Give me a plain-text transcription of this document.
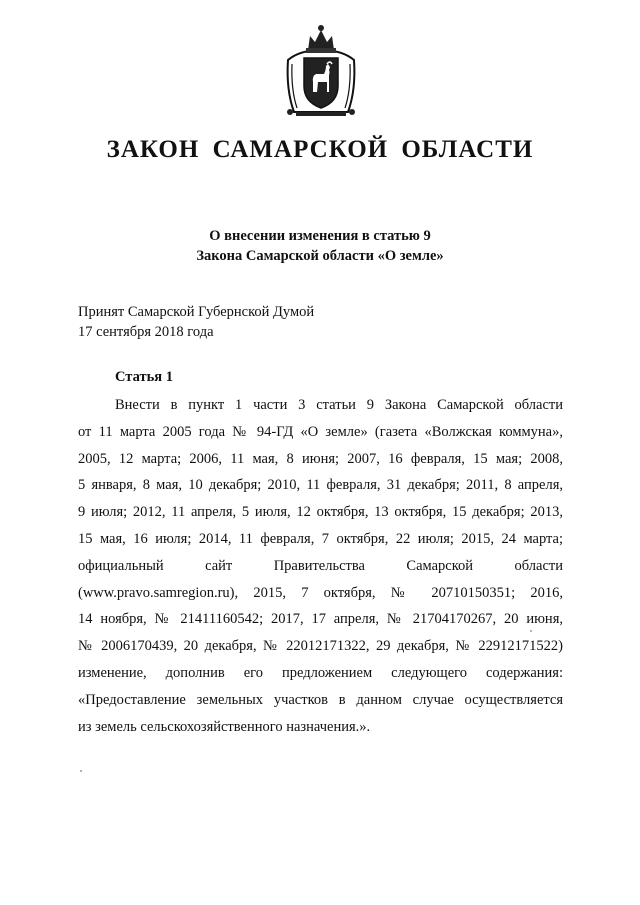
ЗАКОН САМАРСКОЙ ОБЛАСТИ
О внесении изменения в статью 9
Закона Самарской области «О земле»
Принят Самарской Губернской Думой
17 сентября 2018 года
Статья 1
Внести в пункт 1 части 3 статьи 9 Закона Самарской области
от 11 марта 2005 года № 94-ГД «О земле» (газета «Волжская коммуна»,
2005, 12 марта; 2006, 11 мая, 8 июня; 2007, 16 февраля, 15 мая; 2008,
5 января, 8 мая, 10 декабря; 2010, 11 февраля, 31 декабря; 2011, 8 апреля,
9 июля; 2012, 11 апреля, 5 июля, 12 октября, 13 октября, 15 декабря; 2013,
15 мая, 16 июля; 2014, 11 февраля, 7 октября, 22 июля; 2015, 24 марта;
официальный сайт Правительства Самарской области
(www.pravo.samregion.ru), 2015, 7 октября, № 20710150351; 2016,
14 ноября, № 21411160542; 2017, 17 апреля, № 21704170267, 20 июня,
№ 2006170439, 20 декабря, № 22012171322, 29 декабря, № 22912171522)
изменение, дополнив его предложением следующего содержания:
«Предоставление земельных участков в данном случае осуществляется
из земель сельскохозяйственного назначения.».
